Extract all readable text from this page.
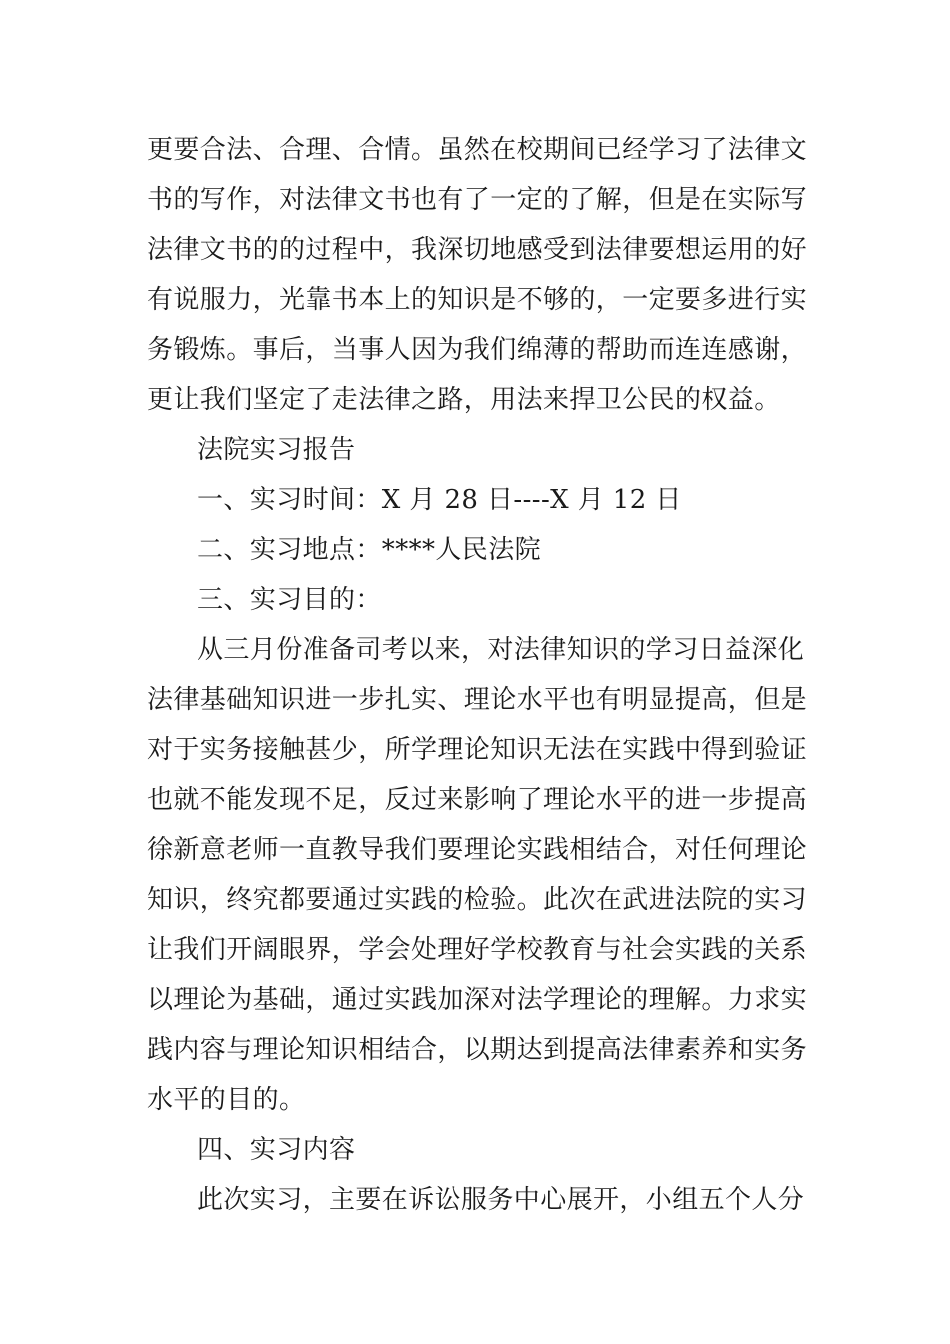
更要合法、合理、合情。虽然在校期间已经学习了法律文
书的写作，对法律文书也有了一定的了解，但是在实际写
法律文书的的过程中，我深切地感受到法律要想运用的好
有说服力，光靠书本上的知识是不够的，一定要多进行实
务锻炼。事后，当事人因为我们绵薄的帮助而连连感谢，
更让我们坚定了走法律之路，用法来捍卫公民的权益。
法院实习报告
一、实习时间：X 月 28 日----X 月 12 日
二、实习地点：****人民法院
三、实习目的：
从三月份准备司考以来，对法律知识的学习日益深化
法律基础知识进一步扎实、理论水平也有明显提高，但是
对于实务接触甚少，所学理论知识无法在实践中得到验证
也就不能发现不足，反过来影响了理论水平的进一步提高
徐新意老师一直教导我们要理论实践相结合，对任何理论
知识，终究都要通过实践的检验。此次在武进法院的实习
让我们开阔眼界，学会处理好学校教育与社会实践的关系
以理论为基础，通过实践加深对法学理论的理解。力求实
践内容与理论知识相结合，以期达到提高法律素养和实务
水平的目的。
四、实习内容
此次实习，主要在诉讼服务中心展开，小组五个人分
